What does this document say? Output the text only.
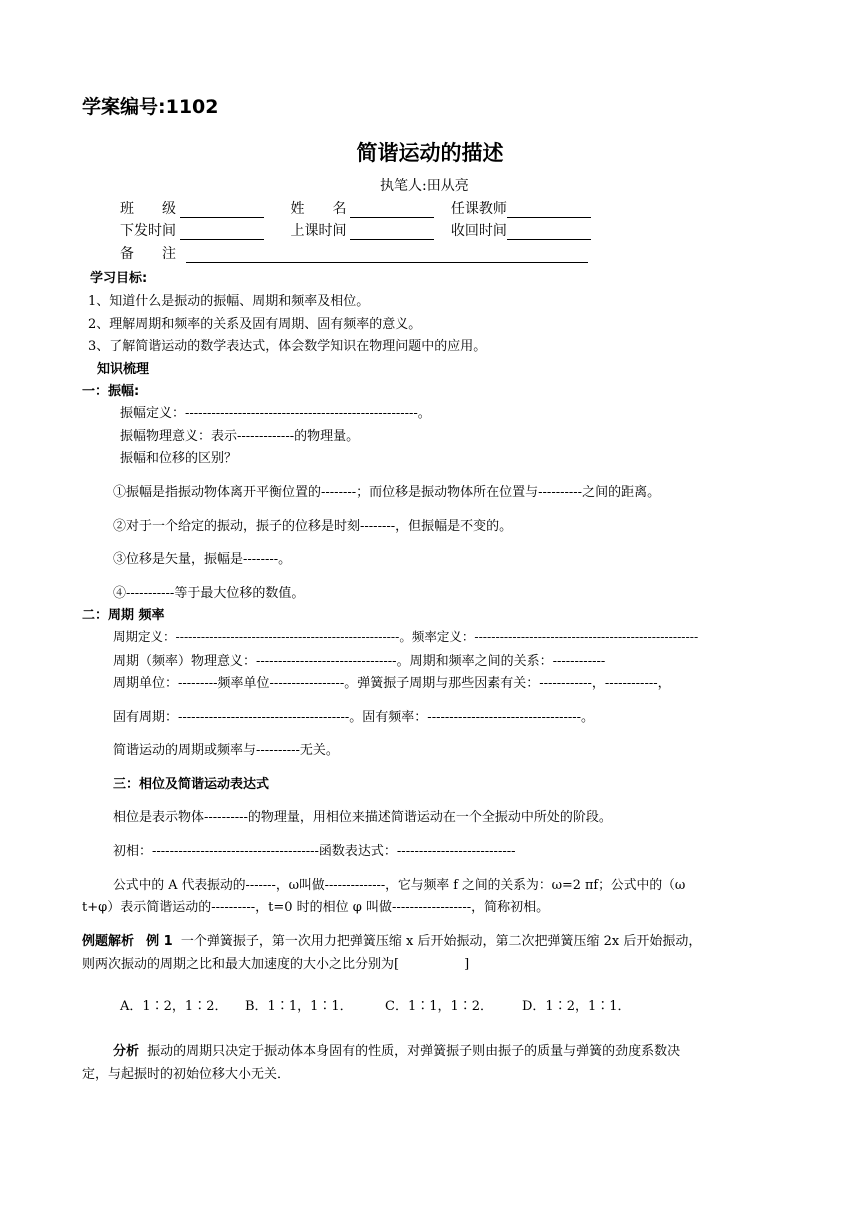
学案编号:1102
简谐运动的描述
执笔人:田从亮
班　　级	姓　　名	任课教师
下发时间	上课时间	收回时间
备　　注
学习目标:
1、知道什么是振动的振幅、周期和频率及相位。
2、理解周期和频率的关系及固有周期、固有频率的意义。
3、了解简谐运动的数学表达式，体会数学知识在物理问题中的应用。
知识梳理
一：振幅:
振幅定义：-----------------------------------------------------。
振幅物理意义：表示-------------的物理量。
振幅和位移的区别？
①振幅是指振动物体离开平衡位置的--------；而位移是振动物体所在位置与----------之间的距离。
②对于一个给定的振动，振子的位移是时刻--------，但振幅是不变的。
③位移是矢量，振幅是--------。
④-----------等于最大位移的数值。
二：周期 频率
周期定义：-----------------------------------------------------。频率定义：-----------------------------------------------------
周期（频率）物理意义：--------------------------------。周期和频率之间的关系：------------
周期单位：---------频率单位-----------------。弹簧振子周期与那些因素有关：------------，------------，
固有周期：---------------------------------------。固有频率：-----------------------------------。
简谐运动的周期或频率与----------无关。
三：相位及简谐运动表达式
相位是表示物体----------的物理量，用相位来描述简谐运动在一个全振动中所处的阶段。
初相：--------------------------------------函数表达式：---------------------------
公式中的 A 代表振动的-------，ω叫做--------------，它与频率 f 之间的关系为：ω=2 πf；公式中的（ω
t+φ）表示简谐运动的----------，t=0 时的相位 φ 叫做------------------，简称初相。
例题解析 例 1 一个弹簧振子，第一次用力把弹簧压缩 x 后开始振动，第二次把弹簧压缩 2x 后开始振动，
则两次振动的周期之比和最大加速度的大小之比分别为[　　　　　]
A．1∶2，1∶2． B．1∶1，1∶1． C．1∶1，1∶2． D．1∶2，1∶1．
分析 振动的周期只决定于振动体本身固有的性质，对弹簧振子则由振子的质量与弹簧的劲度系数决
定，与起振时的初始位移大小无关．
